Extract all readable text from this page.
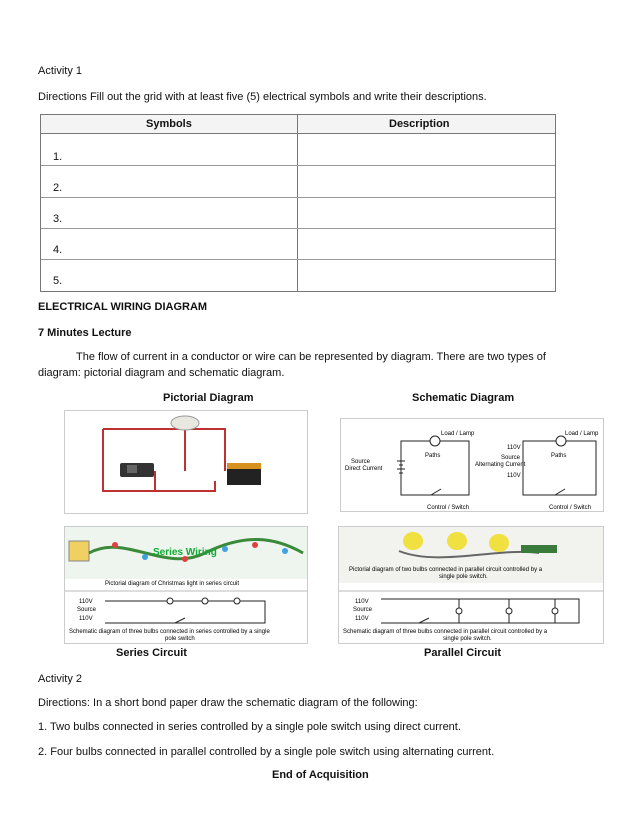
Activity 1
Directions Fill out the grid with at least five (5) electrical symbols and write their descriptions.
Symbols	Description
1.
2.
3.
4.
5.
ELECTRICAL WIRING DIAGRAM
7 Minutes Lecture
The flow of current in a conductor or wire can be represented by diagram. There are two types of
diagram: pictorial diagram and schematic diagram.
Pictorial Diagram	Schematic Diagram
Load / Lamp	Load / Lamp
Paths	Paths
Source
Direct Current
Control / Switch	Control / Switch
110V
Source
Alternating Current
110V
Series Wiring
Pictorial diagram of Christmas light in series circuit
110V
Source
110V
Schematic diagram of three bulbs connected in series controlled by a single
pole switch
Pictorial diagram of two bulbs connected in parallel circuit controlled by a
single pole switch.
110V
Source
110V
Schematic diagram of three bulbs connected in parallel circuit controlled by a
single pole switch.
Series Circuit	Parallel Circuit
Activity 2
Directions: In a short bond paper draw the schematic diagram of the following:
1. Two bulbs connected in series controlled by a single pole switch using direct current.
2. Four bulbs connected in parallel controlled by a single pole switch using alternating current.
End of Acquisition
